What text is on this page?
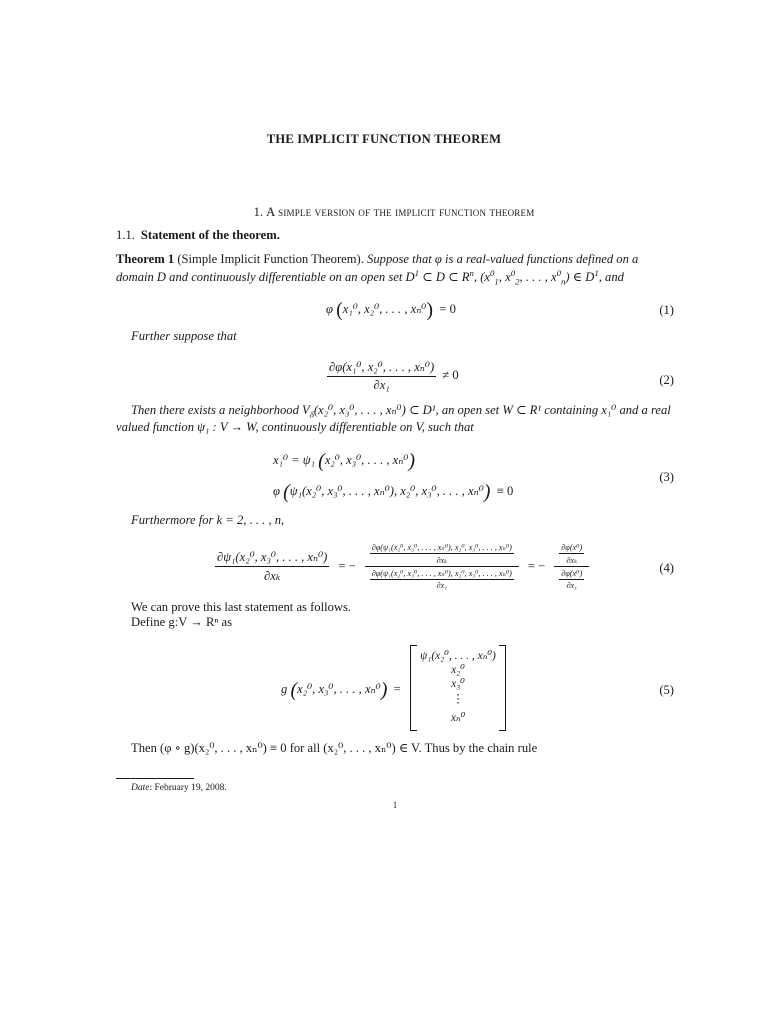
THE IMPLICIT FUNCTION THEOREM
1. A simple version of the implicit function theorem
1.1. Statement of the theorem.
Theorem 1 (Simple Implicit Function Theorem). Suppose that φ is a real-valued functions defined on a
domain D and continuously differentiable on an open set $D^1$ ⊂ D ⊂ $R^n$, ($x^0_1$, $x^0_2$, . . . , $x^0_n$) ∈ $D^1$, and
φ (x₁⁰, x₂⁰, . . . , xₙ⁰) = 0	(1)
Further suppose that
$\frac{\text{∂φ(x₁⁰, x₂⁰, . . . , xₙ⁰)}}{\text{∂x₁}} \ne 0$	(2)
Then there exists a neighborhood $V_\delta(x_2^0$, x₃⁰, . . . , xₙ⁰) ⊂ D¹, an open set W ⊂ R¹ containing x₁⁰ and a real
valued function ψ₁ : V → W, continuously differentiable on V, such that
x₁⁰ = ψ₁ (x₂⁰, x₃⁰, . . . , xₙ⁰)
φ (ψ₁(x₂⁰, x₃⁰, . . . , xₙ⁰), x₂⁰, x₃⁰, . . . , xₙ⁰) ≡ 0
(3)
Furthermore for k = 2, . . . , n,
$\frac{\text{∂ψ₁(x₂⁰, x₃⁰, . . . , xₙ⁰)}}{\text{∂xₖ}}$ = − $\frac{\frac{\text{∂φ(ψ₁(x₂⁰, x₃⁰, . . . , xₙ⁰), x₂⁰, x₃⁰, . . . , xₙ⁰)}}{\text{∂xₖ}}}{\frac{\text{∂φ(ψ₁(x₂⁰, x₃⁰, . . . , xₙ⁰), x₂⁰, x₃⁰, . . . , xₙ⁰)}}{\text{∂x₁}}}$ = − $\frac{\frac{\text{∂φ(x⁰)}}{\text{∂xₖ}}}{\frac{\text{∂φ(x⁰)}}{\text{∂x₁}}}$	(4)
We can prove this last statement as follows.
Define g:V → Rⁿ as
g (x₂⁰, x₃⁰, . . . , xₙ⁰) =
ψ₁(x₂⁰, . . . , xₙ⁰)
x₂⁰
x₃⁰
⋮
xₙ⁰
(5)
Then (φ ∘ g)(x₂⁰, . . . , xₙ⁰) ≡ 0 for all (x₂⁰, . . . , xₙ⁰) ∈ V. Thus by the chain rule
Date: February 19, 2008.
1
